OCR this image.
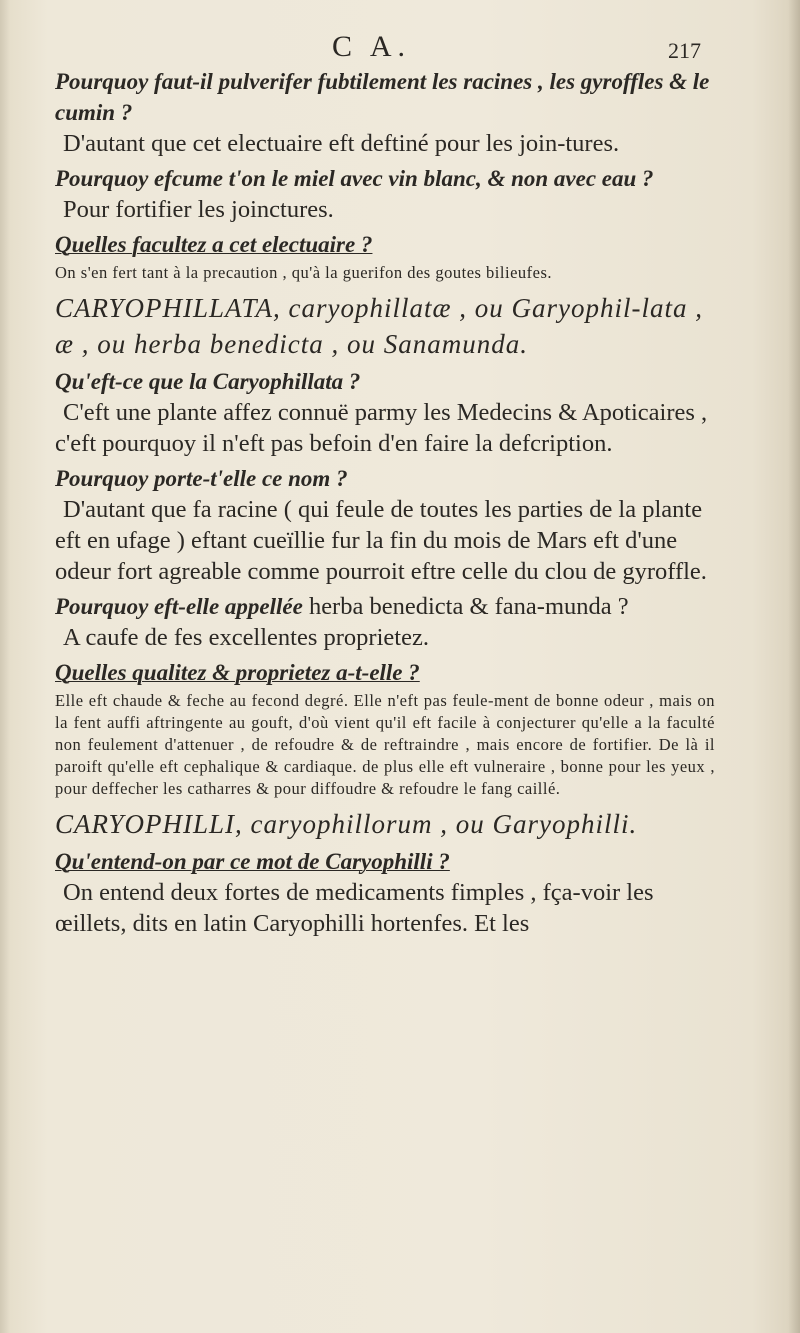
C A.	217

Pourquoy faut-il pulverifer fubtilement les racines , les gyroffles & le cumin ?

D'autant que cet electuaire eft deftiné pour les join-tures.

Pourquoy efcume t'on le miel avec vin blanc, & non avec eau ?

Pour fortifier les joinctures.

Quelles facultez a cet electuaire ?

On s'en fert tant à la precaution , qu'à la guerifon des goutes bilieufes.

CARYOPHILLATA, caryophillatæ , ou Garyophil-lata , æ , ou herba benedicta , ou Sanamunda.

Qu'eft-ce que la Caryophillata ?

C'eft une plante affez connuë parmy les Medecins & Apoticaires , c'eft pourquoy il n'eft pas befoin d'en faire la defcription.

Pourquoy porte-t'elle ce nom ?

D'autant que fa racine ( qui feule de toutes les parties de la plante eft en ufage ) eftant cueïllie fur la fin du mois de Mars eft d'une odeur fort agreable comme pourroit eftre celle du clou de gyroffle.

Pourquoy eft-elle appellée herba benedicta & fana-munda ?

A caufe de fes excellentes proprietez.

Quelles qualitez & proprietez a-t-elle ?

Elle eft chaude & feche au fecond degré. Elle n'eft pas feule-ment de bonne odeur , mais on la fent auffi aftringente au gouft, d'où vient qu'il eft facile à conjecturer qu'elle a la faculté non feulement d'attenuer , de refoudre & de reftraindre , mais encore de fortifier. De là il paroift qu'elle eft cephalique & cardiaque. de plus elle eft vulneraire , bonne pour les yeux , pour deffecher les catharres & pour diffoudre & refoudre le fang caillé.

CARYOPHILLI, caryophillorum , ou Garyophilli.

Qu'entend-on par ce mot de Caryophilli ?

On entend deux fortes de medicaments fimples , fça-voir les œillets, dits en latin Caryophilli hortenfes. Et les
